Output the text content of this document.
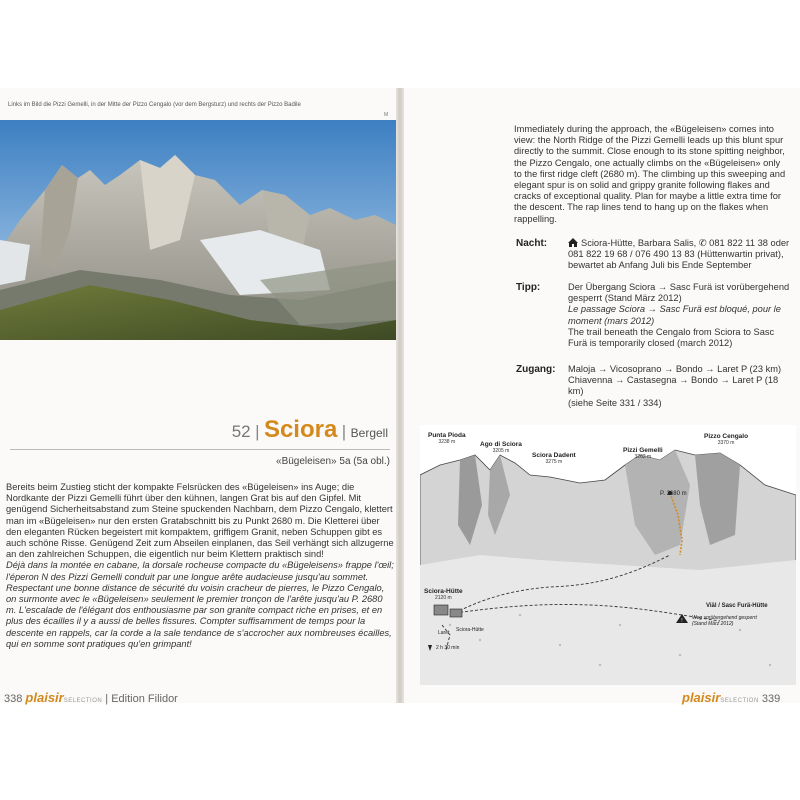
Links im Bild die Pizzi Gemelli, in der Mitte der Pizzo Cengalo (vor dem Bergsturz) und rechts der Pizzo Badile
M
52 | Sciora | Bergell
«Bügeleisen» 5a (5a obl.)

Bereits beim Zustieg sticht der kompakte Felsrücken des «Bügeleisen» ins Auge; die Nordkante der Pizzi Gemelli führt über den kühnen, langen Grat bis auf den Gipfel. Mit genügend Sicherheitsabstand zum Steine spuckenden Nachbarn, dem Pizzo Cengalo, klettert man im «Bügeleisen» nur den ersten Gratabschnitt bis zu Punkt 2680 m. Die Kletterei über den eleganten Rücken begeistert mit kompaktem, griffigem Granit, neben Schuppen gibt es auch schöne Risse. Genügend Zeit zum Abseilen einplanen, das Seil verhängt sich allzugerne an den zahlreichen Schuppen, die eigentlich nur beim Klettern praktisch sind!

Déjà dans la montée en cabane, la dorsale rocheuse compacte du «Bügeleisens» frappe l'œil; l'éperon N des Pizzi Gemelli conduit par une longue arête audacieuse jusqu'au sommet. Respectant une bonne distance de sécurité du voisin cracheur de pierres, le Pizzo Cengalo, on surmonte avec le «Bügeleisen» seulement le premier tronçon de l'arête jusqu'au P. 2680 m. L'escalade de l'élégant dos enthousiasme par son granite compact riche en prises, et en plus des écailles il y a aussi de belles fissures. Compter suffisamment de temps pour la descente en rappels, car la corde a la sale tendance de s'accrocher aux nombreuses écailles, qui en somme sont pratiques qu'en grimpant!

338 plaisirSELECTION | Edition Filidor
Immediately during the approach, the «Bügeleisen» comes into view: the North Ridge of the Pizzi Gemelli leads up this blunt spur directly to the summit. Close enough to its stone spitting neighbor, the Pizzo Cengalo, one actually climbs on the «Bügeleisen» only to the first ridge cleft (2680 m). The climbing up this sweeping and elegant spur is on solid and grippy granite following flakes and cracks of exceptional quality. Plan for maybe a little extra time for the descent. The rap lines tend to hang up on the flakes when rappelling.
Nacht:	Sciora-Hütte, Barbara Salis, ✆ 081 822 11 38 oder 081 822 19 68 / 076 490 13 83 (Hüttenwartin privat), bewartet ab Anfang Juli bis Ende September
Tipp:	Der Übergang Sciora → Sasc Furä ist vorübergehend gesperrt (Stand März 2012)
Le passage Sciora → Sasc Furä est bloqué, pour le moment (mars 2012)
The trail beneath the Cengalo from Sciora to Sasc Furä is temporarily closed (march 2012)
Zugang: Maloja → Vicosoprano → Bondo → Laret P (23 km)
Chiavenna → Castasegna → Bondo → Laret P (18 km)
(siehe Seite 331 / 334)
!
Punta Pioda
3238 m	Ago di Sciora
3205 m
Sciora Dadent
3275 m
Pizzi Gemelli
3262 m
Pizzo Cengalo
3370 m
P. 2680 m
Sciora-Hütte
2120 m
Viäl / Sasc Furä-Hütte
Weg vorübergehend gesperrt (Stand März 2012)
Laret
2 h 30 min
Sciora-Hütte
plaisirSELECTION 339
